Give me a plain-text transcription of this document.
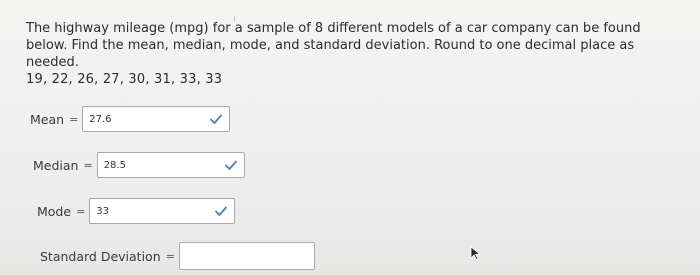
The highway mileage (mpg) for a sample of 8 different models of a car company can be found below. Find the mean, median, mode, and standard deviation. Round to one decimal place as needed.
19, 22, 26, 27, 30, 31, 33, 33
Mean = 27.6
Median = 28.5
Mode = 33
Standard Deviation =
